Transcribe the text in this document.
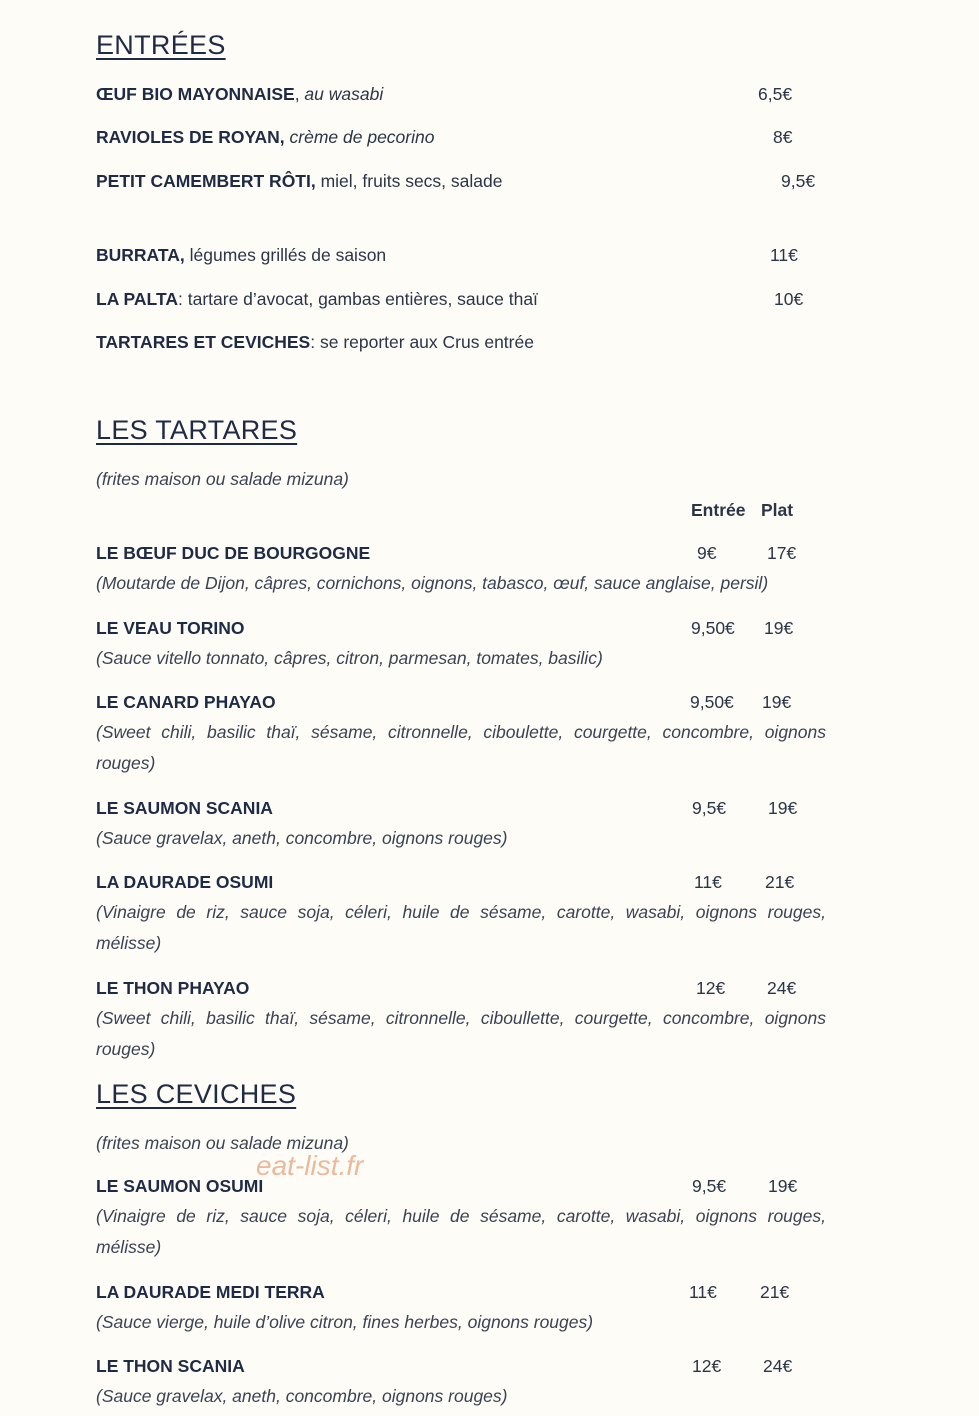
ENTRÉES
ŒUF BIO MAYONNAISE, au wasabi	6,5€
RAVIOLES DE ROYAN, crème de pecorino	8€
PETIT CAMEMBERT RÔTI, miel, fruits secs, salade	9,5€
BURRATA, légumes grillés de saison	11€
LA PALTA: tartare d’avocat, gambas entières, sauce thaï	10€
TARTARES ET CEVICHES: se reporter aux Crus entrée
LES TARTARES
(frites maison ou salade mizuna)
Entrée Plat
LE BŒUF DUC DE BOURGOGNE	9€	17€
(Moutarde de Dijon, câpres, cornichons, oignons, tabasco, œuf, sauce anglaise, persil)
LE VEAU TORINO	9,50€ 19€
(Sauce vitello tonnato, câpres, citron, parmesan, tomates, basilic)
LE CANARD PHAYAO	9,50€ 19€
(Sweet chili, basilic thaï, sésame, citronnelle, ciboulette, courgette, concombre, oignons rouges)
LE SAUMON SCANIA	9,5€ 19€
(Sauce gravelax, aneth, concombre, oignons rouges)
LA DAURADE OSUMI	11€ 21€
(Vinaigre de riz, sauce soja, céleri, huile de sésame, carotte, wasabi, oignons rouges, mélisse)
LE THON PHAYAO	12€ 24€
(Sweet chili, basilic thaï, sésame, citronnelle, ciboullette, courgette, concombre, oignons rouges)
LES CEVICHES
(frites maison ou salade mizuna)
LE SAUMON OSUMI	9,5€ 19€
(Vinaigre de riz, sauce soja, céleri, huile de sésame, carotte, wasabi, oignons rouges, mélisse)
LA DAURADE MEDI TERRA	11€ 21€
(Sauce vierge, huile d’olive citron, fines herbes, oignons rouges)
LE THON SCANIA	12€ 24€
(Sauce gravelax, aneth, concombre, oignons rouges)
eat-list.fr
